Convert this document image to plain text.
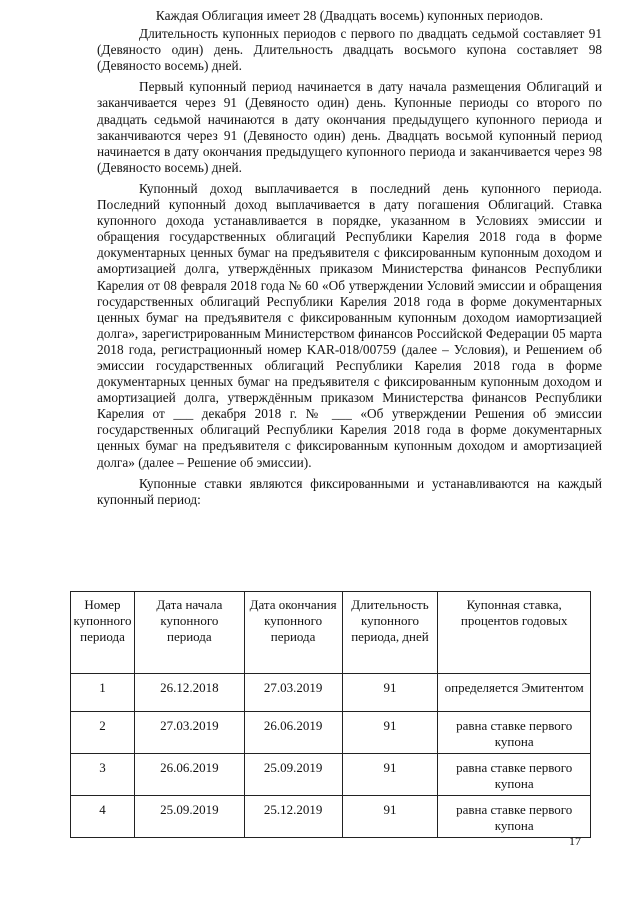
Каждая Облигация имеет 28 (Двадцать восемь) купонных периодов.

Длительность купонных периодов с первого по двадцать седьмой составляет 91 (Девяносто один) день. Длительность двадцать восьмого купона составляет 98 (Девяносто восемь) дней.

Первый купонный период начинается в дату начала размещения Облигаций и заканчивается через 91 (Девяносто один) день. Купонные периоды со второго по двадцать седьмой начинаются в дату окончания предыдущего купонного периода и заканчиваются через 91 (Девяносто один) день. Двадцать восьмой купонный период начинается в дату окончания предыдущего купонного периода и заканчивается через 98 (Девяносто восемь) дней.

Купонный доход выплачивается в последний день купонного периода. Последний купонный доход выплачивается в дату погашения Облигаций. Ставка купонного дохода устанавливается в порядке, указанном в Условиях эмиссии и обращения государственных облигаций Республики Карелия 2018 года в форме документарных ценных бумаг на предъявителя с фиксированным купонным доходом и амортизацией долга, утверждённых приказом Министерства финансов Республики Карелия от 08 февраля 2018 года № 60 «Об утверждении Условий эмиссии и обращения государственных облигаций Республики Карелия 2018 года в форме документарных ценных бумаг на предъявителя с фиксированным купонным доходом иамортизацией долга», зарегистрированным Министерством финансов Российской Федерации 05 марта 2018 года, регистрационный номер KAR-018/00759 (далее – Условия), и Решением об эмиссии государственных облигаций Республики Карелия 2018 года в форме документарных ценных бумаг на предъявителя с фиксированным купонным доходом и амортизацией долга, утверждённым приказом Министерства финансов Республики Карелия от ___ декабря 2018 г. № ___ «Об утверждении Решения об эмиссии государственных облигаций Республики Карелия 2018 года в форме документарных ценных бумаг на предъявителя с фиксированным купонным доходом и амортизацией долга» (далее – Решение об эмиссии).

Купонные ставки являются фиксированными и устанавливаются на каждый купонный период:

Номер купонного периода	Дата начала купонного периода	Дата окончания купонного периода	Длительность купонного периода, дней	Купонная ставка, процентов годовых
1	26.12.2018	27.03.2019	91	определяется Эмитентом
2	27.03.2019	26.06.2019	91	равна ставке первого купона
3	26.06.2019	25.09.2019	91	равна ставке первого купона
4	25.09.2019	25.12.2019	91	равна ставке первого купона
17
